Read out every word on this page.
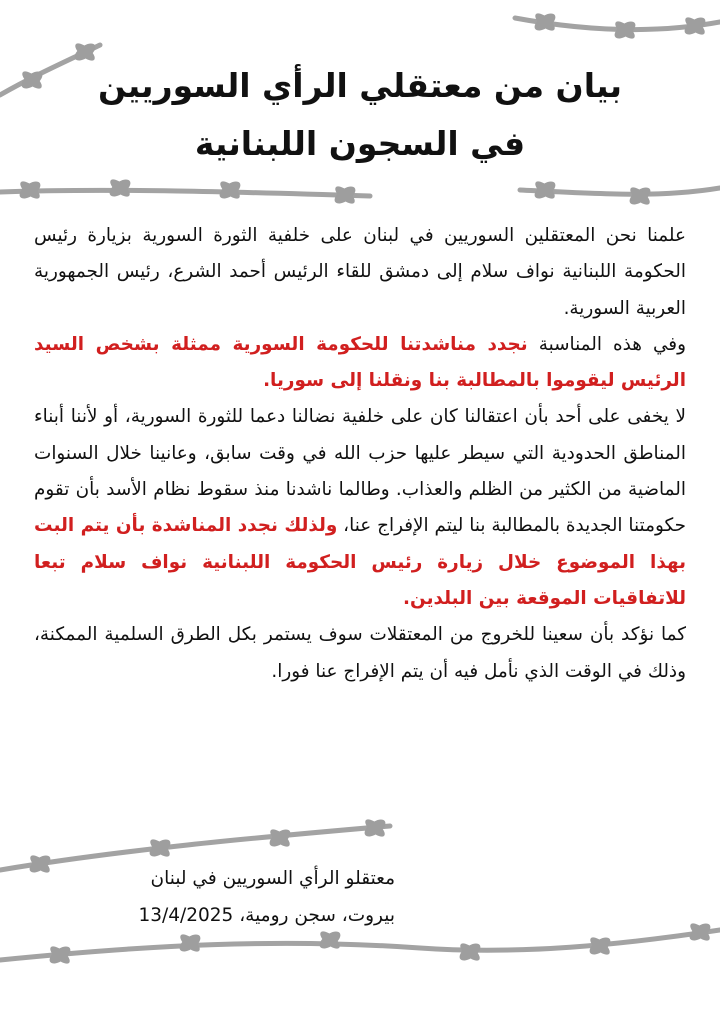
بيان من معتقلي الرأي السوريين
في السجون اللبنانية

علمنا نحن المعتقلين السوريين في لبنان على خلفية الثورة السورية بزيارة رئيس الحكومة اللبنانية نواف سلام إلى دمشق للقاء الرئيس أحمد الشرع، رئيس الجمهورية العربية السورية.

وفي هذه المناسبة نجدد مناشدتنا للحكومة السورية ممثلة بشخص السيد الرئيس ليقوموا بالمطالبة بنا ونقلنا إلى سوريا.

لا يخفى على أحد بأن اعتقالنا كان على خلفية نضالنا دعما للثورة السورية، أو لأننا أبناء المناطق الحدودية التي سيطر عليها حزب الله في وقت سابق، وعانينا خلال السنوات الماضية من الكثير من الظلم والعذاب. وطالما ناشدنا منذ سقوط نظام الأسد بأن تقوم حكومتنا الجديدة بالمطالبة بنا ليتم الإفراج عنا، ولذلك نجدد المناشدة بأن يتم البت بهذا الموضوع خلال زيارة رئيس الحكومة اللبنانية نواف سلام تبعا للاتفاقيات الموقعة بين البلدين.

كما نؤكد بأن سعينا للخروج من المعتقلات سوف يستمر بكل الطرق السلمية الممكنة، وذلك في الوقت الذي نأمل فيه أن يتم الإفراج عنا فورا.

معتقلو الرأي السوريين في لبنان
بيروت، سجن رومية، 13/4/2025
